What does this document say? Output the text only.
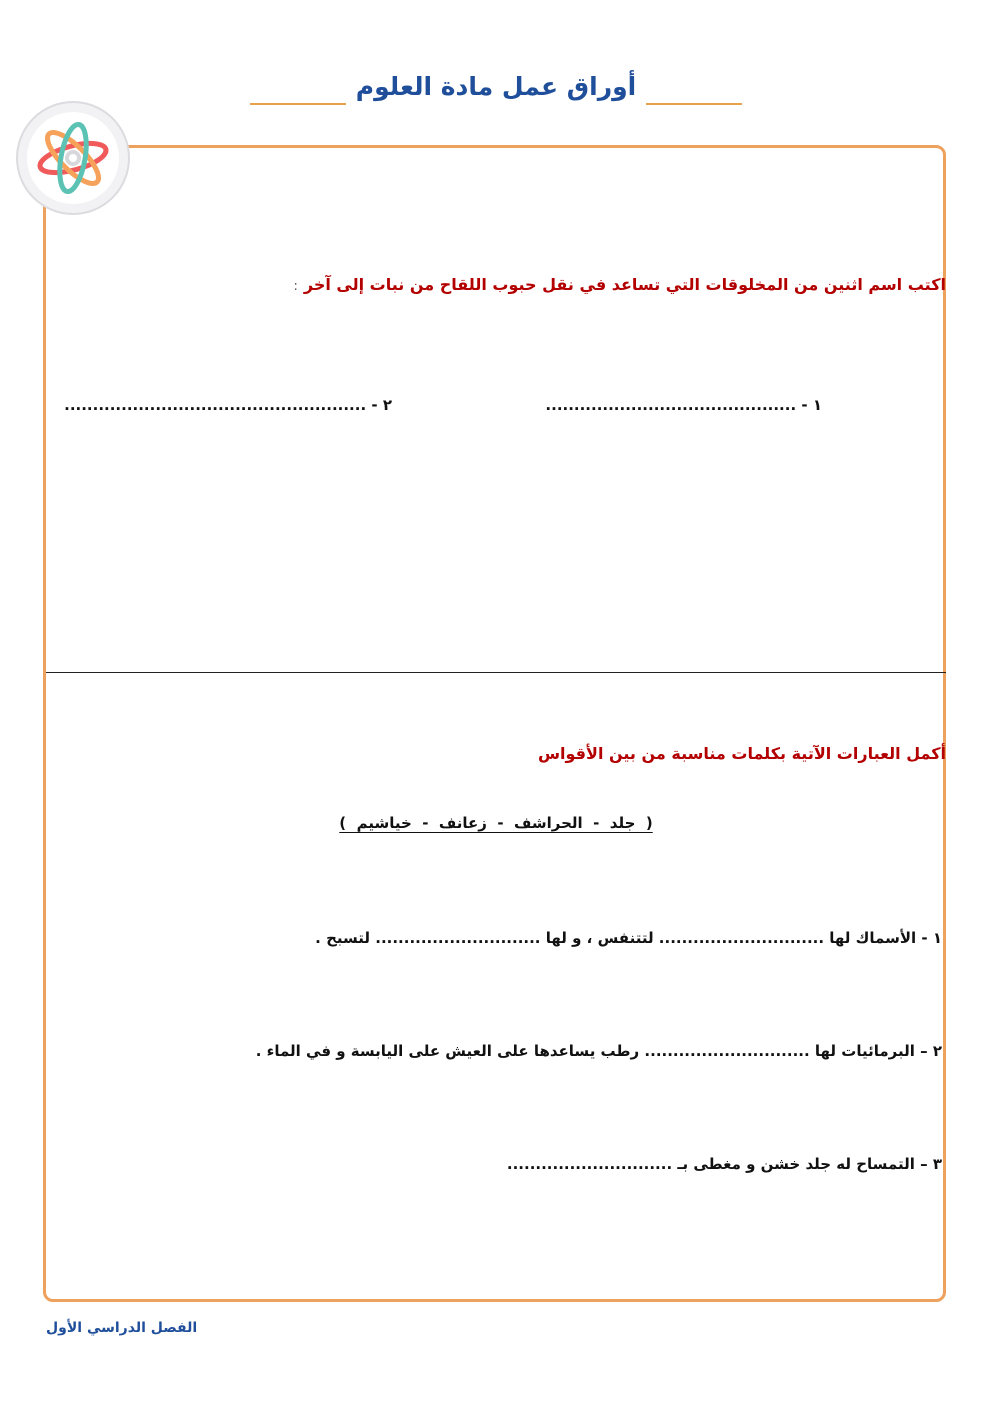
أوراق عمل مادة العلوم
اكتب اسم اثنين من المخلوقات التي تساعد في نقل حبوب اللقاح من نبات إلى آخر:
١ - ............................................
٢ - .....................................................
أكمل العبارات الآتية بكلمات مناسبة من بين الأقواس
(  جلد  -  الحراشف  -  زعانف  -  خياشيم  )
١ - الأسماك لها ............................. لتتنفس ، و لها ............................. لتسبح .
٢ – البرمائيات لها ............................. رطب يساعدها على العيش على اليابسة و في الماء .
٣ – التمساح له جلد خشن و مغطى بـ .............................
الفصل الدراسي الأول
